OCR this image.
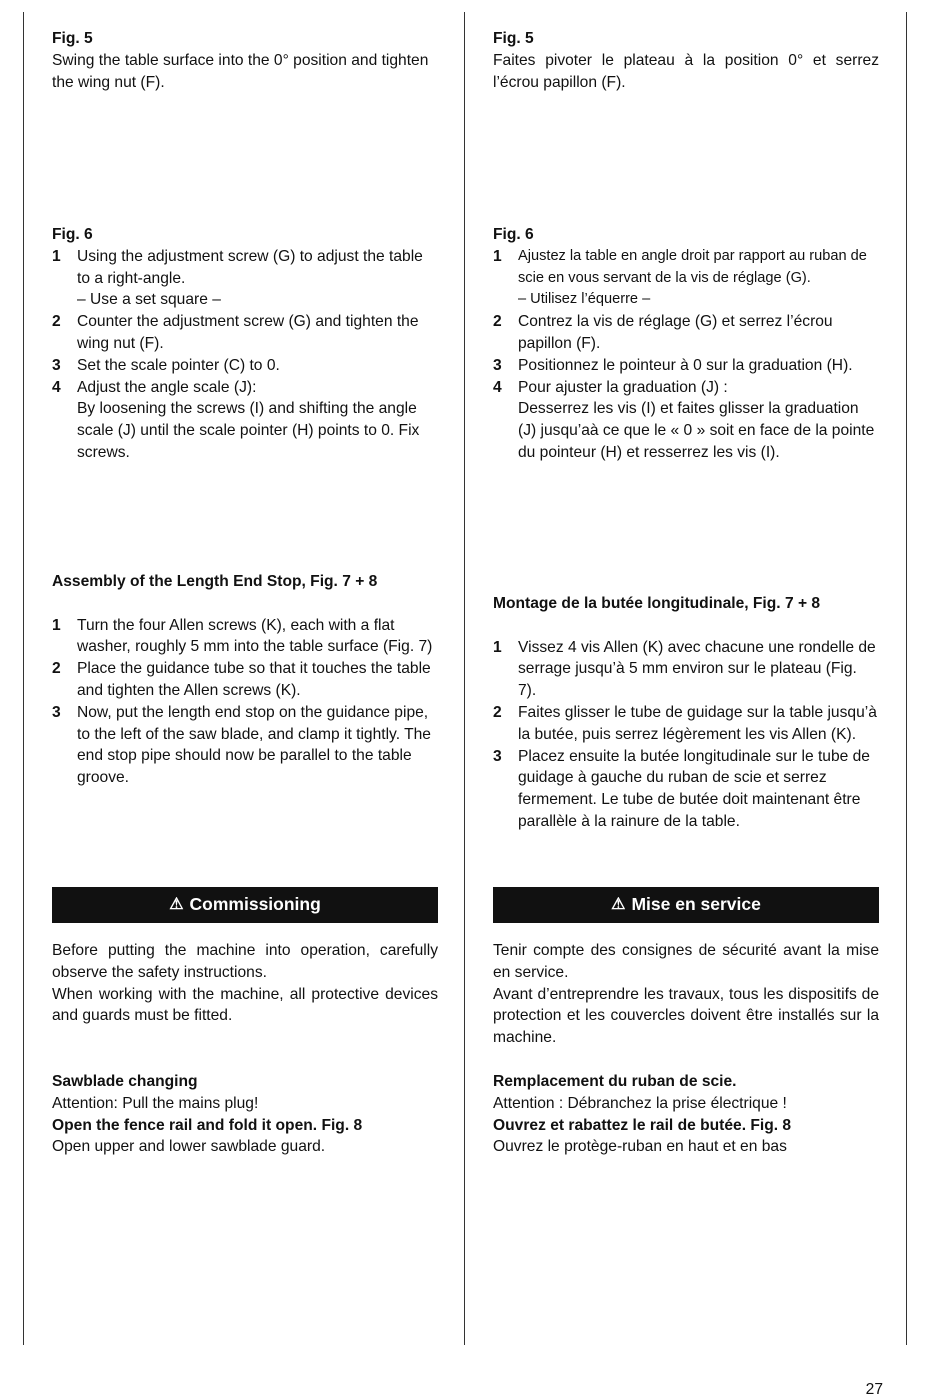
Fig. 5

Swing the table surface into the 0° position and tighten the wing nut (F).

Fig. 6
1	Using the adjustment screw (G) to adjust the table to a right-angle.
– Use a set square –
2	Counter the adjustment screw (G) and tighten the wing nut (F).
3	Set the scale pointer (C) to 0.
4	Adjust the angle scale (J):
By loosening the screws (I) and shifting the angle scale (J) until the scale pointer (H) points to 0. Fix screws.
Assembly of the Length End Stop, Fig. 7 + 8
1	Turn the four Allen screws (K), each with a flat washer, roughly 5 mm into the table surface (Fig. 7)
2	Place the guidance tube so that it touches the table and tighten the Allen screws (K).
3	Now, put the length end stop on the guidance pipe, to the left of the saw blade, and clamp it tightly. The end stop pipe should now be parallel to the table groove.
⚠ Commissioning

Before putting the machine into operation, carefully observe the safety instructions.

When working with the machine, all protective devices and guards must be fitted.

Sawblade changing

Attention: Pull the mains plug!

Open the fence rail and fold it open. Fig. 8

Open upper and lower sawblade guard.

Fig. 5

Faites pivoter le plateau à la position 0° et serrez l’écrou papillon (F).

Fig. 6
1	Ajustez la table en angle droit par rapport au ruban de scie en vous servant de la vis de réglage (G).
– Utilisez l’équerre –
2	Contrez la vis de réglage (G) et serrez l’écrou papillon (F).
3	Positionnez le pointeur à 0 sur la graduation (H).
4	Pour ajuster la graduation (J) :
Desserrez les vis (I) et faites glisser la graduation (J) jusqu’aà ce que le « 0 » soit en face de la pointe du pointeur (H) et resserrez les vis (I).
Montage de la butée longitudinale, Fig. 7 + 8
1	Vissez 4 vis Allen (K) avec chacune une rondelle de serrage jusqu’à 5 mm environ sur le plateau (Fig. 7).
2	Faites glisser le tube de guidage sur la table jusqu’à la butée, puis serrez légèrement les vis Allen (K).
3	Placez ensuite la butée longitudinale sur le tube de guidage à gauche du ruban de scie et serrez fermement. Le tube de butée doit maintenant être parallèle à la rainure de la table.
⚠ Mise en service

Tenir compte des consignes de sécurité avant la mise en service.

Avant d’entreprendre les travaux, tous les dispositifs de protection et les couvercles doivent être installés sur la machine.

Remplacement du ruban de scie.

Attention : Débranchez la prise électrique !

Ouvrez et rabattez le rail de butée. Fig. 8

Ouvrez le protège-ruban en haut et en bas

27
